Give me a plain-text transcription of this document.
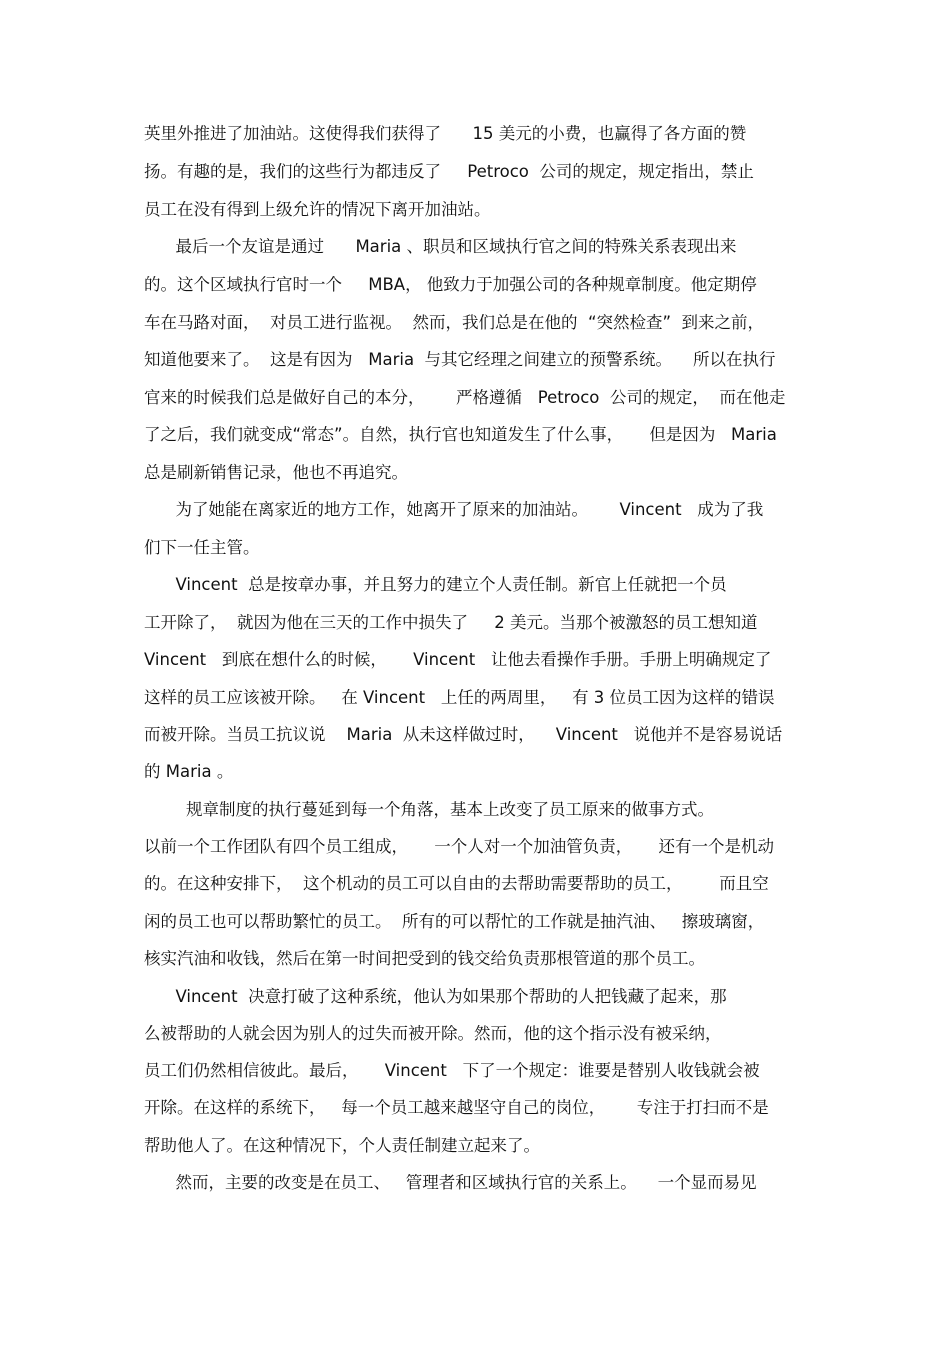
英里外推进了加油站。这使得我们获得了      15 美元的小费，也赢得了各方面的赞
扬。有趣的是，我们的这些行为都违反了     Petroco  公司的规定，规定指出，禁止
员工在没有得到上级允许的情况下离开加油站。
最后一个友谊是通过      Maria 、职员和区域执行官之间的特殊关系表现出来
的。这个区域执行官时一个     MBA， 他致力于加强公司的各种规章制度。他定期停
车在马路对面，  对员工进行监视。  然而，我们总是在他的  “突然检查”  到来之前，
知道他要来了。  这是有因为   Maria  与其它经理之间建立的预警系统。    所以在执行
官来的时候我们总是做好自己的本分，      严格遵循   Petroco  公司的规定，  而在他走
了之后，我们就变成“常态”。自然，执行官也知道发生了什么事，     但是因为   Maria
总是刷新销售记录，他也不再追究。
为了她能在离家近的地方工作，她离开了原来的加油站。      Vincent   成为了我
们下一任主管。
Vincent  总是按章办事，并且努力的建立个人责任制。新官上任就把一个员
工开除了，  就因为他在三天的工作中损失了     2 美元。当那个被激怒的员工想知道
Vincent   到底在想什么的时候，     Vincent   让他去看操作手册。手册上明确规定了
这样的员工应该被开除。   在 Vincent   上任的两周里，   有 3 位员工因为这样的错误
而被开除。当员工抗议说    Maria  从未这样做过时，    Vincent   说他并不是容易说话
的 Maria 。
规章制度的执行蔓延到每一个角落，基本上改变了员工原来的做事方式。
以前一个工作团队有四个员工组成，     一个人对一个加油管负责，     还有一个是机动
的。在这种安排下，  这个机动的员工可以自由的去帮助需要帮助的员工，       而且空
闲的员工也可以帮助繁忙的员工。  所有的可以帮忙的工作就是抽汽油、   擦玻璃窗，
核实汽油和收钱，然后在第一时间把受到的钱交给负责那根管道的那个员工。
Vincent  决意打破了这种系统，他认为如果那个帮助的人把钱藏了起来，那
么被帮助的人就会因为别人的过失而被开除。然而，他的这个指示没有被采纳，
员工们仍然相信彼此。最后，     Vincent   下了一个规定：谁要是替别人收钱就会被
开除。在这样的系统下，   每一个员工越来越坚守自己的岗位，      专注于打扫而不是
帮助他人了。在这种情况下，个人责任制建立起来了。
然而，主要的改变是在员工、   管理者和区域执行官的关系上。    一个显而易见
